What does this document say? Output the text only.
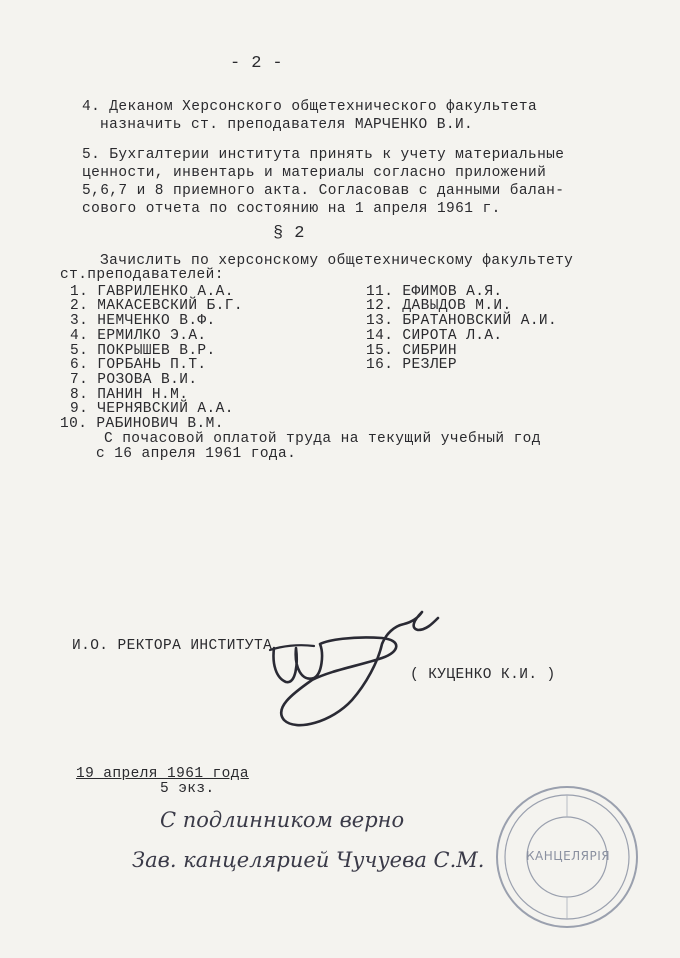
- 2 -
4. Деканом Херсонского общетехнического факультета
назначить ст. преподавателя МАРЧЕНКО В.И.
5. Бухгалтерии института принять к учету материальные
ценности, инвентарь и материалы согласно приложений
5,6,7 и 8 приемного акта. Согласовав с данными балан-
сового отчета по состоянию на 1 апреля 1961 г.
§ 2
Зачислить по херсонскому общетехническому факультету
ст.преподавателей:
1. ГАВРИЛЕНКО А.А.
2. МАКАСЕВСКИЙ Б.Г.
3. НЕМЧЕНКО В.Ф.
4. ЕРМИЛКО Э.А.
5. ПОКРЫШЕВ В.Р.
6. ГОРБАНЬ П.Т.
7. РОЗОВА В.И.
8. ПАНИН Н.М.
9. ЧЕРНЯВСКИЙ А.А.
10. РАБИНОВИЧ В.М.
11. ЕФИМОВ А.Я.
12. ДАВЫДОВ М.И.
13. БРАТАНОВСКИЙ А.И.
14. СИРОТА Л.А.
15. СИБРИН
16. РЕЗЛЕР
С почасовой оплатой труда на текущий учебный год
с 16 апреля 1961 года.
И.О. РЕКТОРА ИНСТИТУТА
( КУЦЕНКО К.И. )
19 апреля 1961 года
5 экз.
С подлинником верно
Зав. канцелярией Чучуева С.М.	КАНЦЕЛЯРІЯ
